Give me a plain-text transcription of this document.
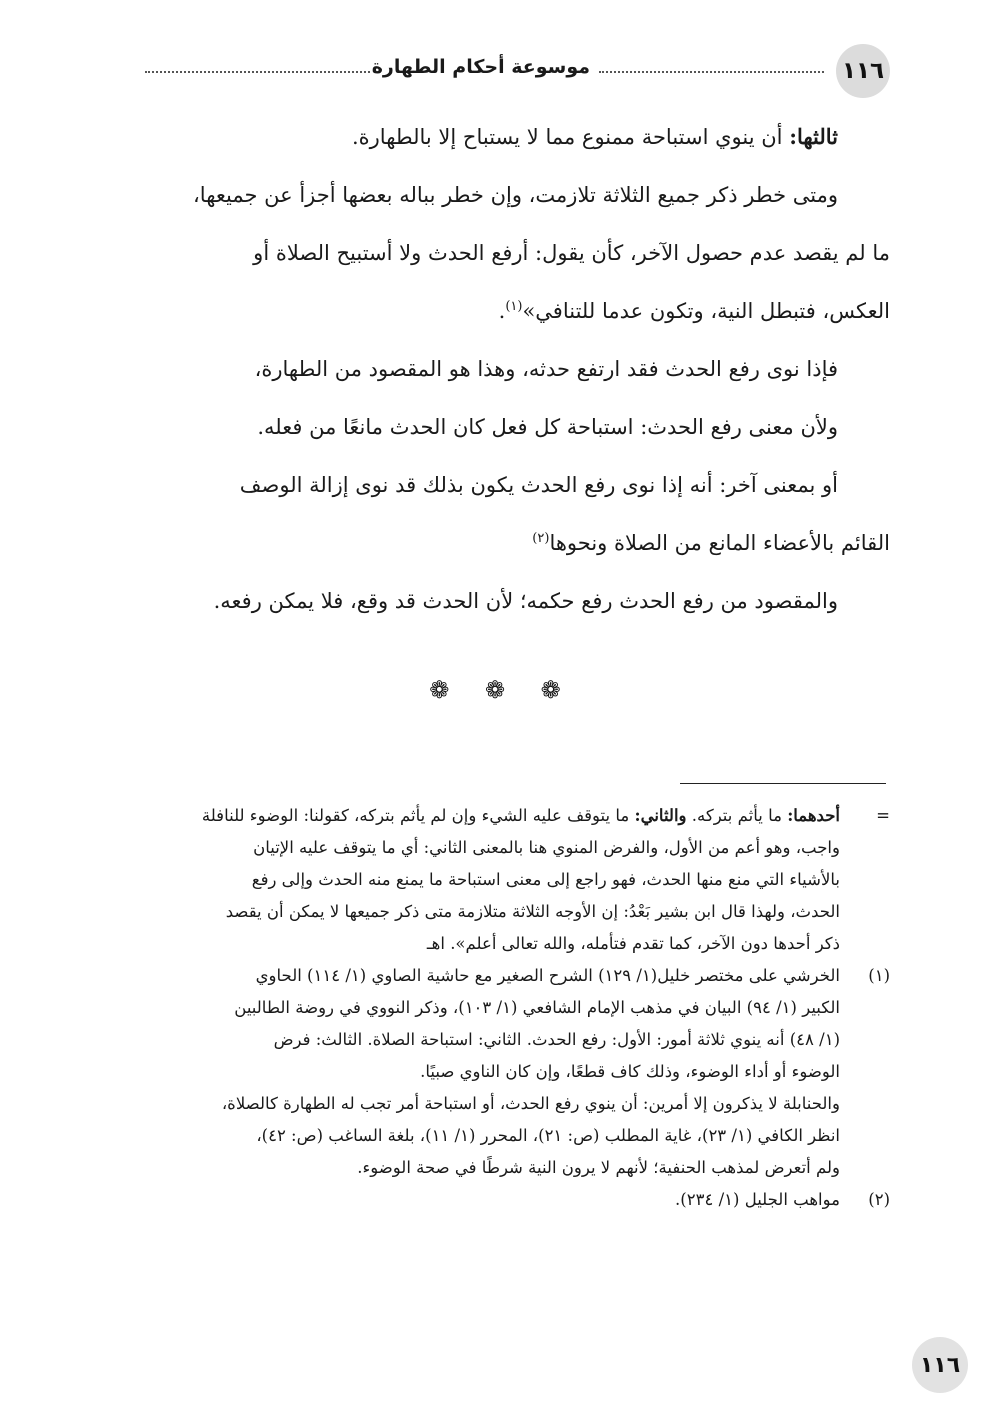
١١٦
موسوعة أحكام الطهارة

ثالثها: أن ينوي استباحة ممنوع مما لا يستباح إلا بالطهارة.

ومتى خطر ذكر جميع الثلاثة تلازمت، وإن خطر بباله بعضها أجزأ عن جميعها،

ما لم يقصد عدم حصول الآخر، كأن يقول: أرفع الحدث ولا أستبيح الصلاة أو

العكس، فتبطل النية، وتكون عدما للتنافي»$^{(١)}$.

فإذا نوى رفع الحدث فقد ارتفع حدثه، وهذا هو المقصود من الطهارة،

ولأن معنى رفع الحدث: استباحة كل فعل كان الحدث مانعًا من فعله.

أو بمعنى آخر: أنه إذا نوى رفع الحدث يكون بذلك قد نوى إزالة الوصف

القائم بالأعضاء المانع من الصلاة ونحوها$^{(٢)}$

والمقصود من رفع الحدث رفع حكمه؛ لأن الحدث قد وقع، فلا يمكن رفعه.

❁ ❁ ❁
=
أحدهما: ما يأثم بتركه. والثاني: ما يتوقف عليه الشيء وإن لم يأثم بتركه، كقولنا: الوضوء للنافلة
واجب، وهو أعم من الأول، والفرض المنوي هنا بالمعنى الثاني: أي ما يتوقف عليه الإتيان
بالأشياء التي منع منها الحدث، فهو راجع إلى معنى استباحة ما يمنع منه الحدث وإلى رفع
الحدث، ولهذا قال ابن بشير بَعْدُ: إن الأوجه الثلاثة متلازمة متى ذكر جميعها لا يمكن أن يقصد
ذكر أحدها دون الآخر، كما تقدم فتأمله، والله تعالى أعلم». اهـ
(١)
الخرشي على مختصر خليل(١/ ١٢٩) الشرح الصغير مع حاشية الصاوي (١/ ١١٤) الحاوي
الكبير (١/ ٩٤) البيان في مذهب الإمام الشافعي (١/ ١٠٣)، وذكر النووي في روضة الطالبين
(١/ ٤٨) أنه ينوي ثلاثة أمور: الأول: رفع الحدث. الثاني: استباحة الصلاة. الثالث: فرض
الوضوء أو أداء الوضوء، وذلك كاف قطعًا، وإن كان الناوي صبيًا.
والحنابلة لا يذكرون إلا أمرين: أن ينوي رفع الحدث، أو استباحة أمر تجب له الطهارة كالصلاة،
انظر الكافي (١/ ٢٣)، غاية المطلب (ص: ٢١)، المحرر (١/ ١١)، بلغة الساغب (ص: ٤٢)،
ولم أتعرض لمذهب الحنفية؛ لأنهم لا يرون النية شرطًا في صحة الوضوء.
(٢)
مواهب الجليل (١/ ٢٣٤).
١١٦
